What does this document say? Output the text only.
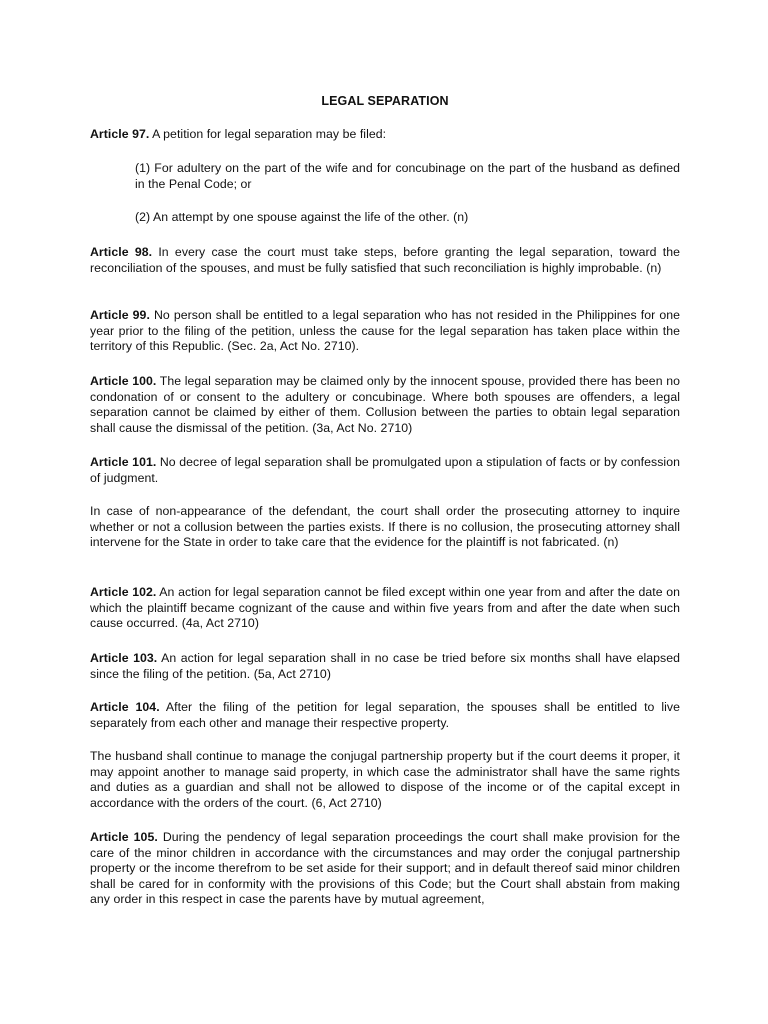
LEGAL SEPARATION

Article 97. A petition for legal separation may be filed:

(1) For adultery on the part of the wife and for concubinage on the part of the husband as defined in the Penal Code; or

(2) An attempt by one spouse against the life of the other. (n)

Article 98. In every case the court must take steps, before granting the legal separation, toward the reconciliation of the spouses, and must be fully satisfied that such reconciliation is highly improbable. (n)

Article 99. No person shall be entitled to a legal separation who has not resided in the Philippines for one year prior to the filing of the petition, unless the cause for the legal separation has taken place within the territory of this Republic. (Sec. 2a, Act No. 2710).

Article 100. The legal separation may be claimed only by the innocent spouse, provided there has been no condonation of or consent to the adultery or concubinage. Where both spouses are offenders, a legal separation cannot be claimed by either of them. Collusion between the parties to obtain legal separation shall cause the dismissal of the petition. (3a, Act No. 2710)

Article 101. No decree of legal separation shall be promulgated upon a stipulation of facts or by confession of judgment.

In case of non-appearance of the defendant, the court shall order the prosecuting attorney to inquire whether or not a collusion between the parties exists. If there is no collusion, the prosecuting attorney shall intervene for the State in order to take care that the evidence for the plaintiff is not fabricated. (n)

Article 102. An action for legal separation cannot be filed except within one year from and after the date on which the plaintiff became cognizant of the cause and within five years from and after the date when such cause occurred. (4a, Act 2710)

Article 103. An action for legal separation shall in no case be tried before six months shall have elapsed since the filing of the petition. (5a, Act 2710)

Article 104. After the filing of the petition for legal separation, the spouses shall be entitled to live separately from each other and manage their respective property.

The husband shall continue to manage the conjugal partnership property but if the court deems it proper, it may appoint another to manage said property, in which case the administrator shall have the same rights and duties as a guardian and shall not be allowed to dispose of the income or of the capital except in accordance with the orders of the court. (6, Act 2710)

Article 105. During the pendency of legal separation proceedings the court shall make provision for the care of the minor children in accordance with the circumstances and may order the conjugal partnership property or the income therefrom to be set aside for their support; and in default thereof said minor children shall be cared for in conformity with the provisions of this Code; but the Court shall abstain from making any order in this respect in case the parents have by mutual agreement,
